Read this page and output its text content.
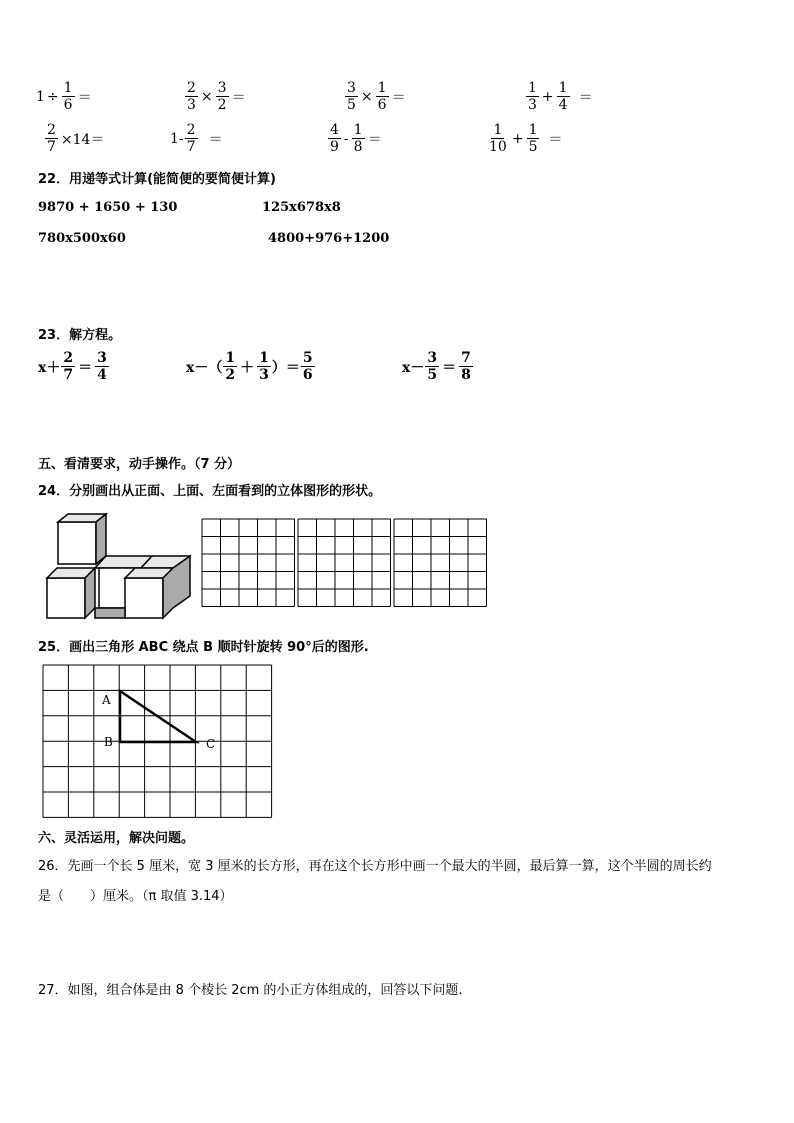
$1 \div \frac{1}{6}$ ＝	$\frac{2}{3} \times \frac{3}{2}$ ＝	$\frac{3}{5} \times \frac{1}{6}$ ＝	$\frac{1}{3} + \frac{1}{4}$ ＝
$\frac{2}{7} \times 14=$	$1- \frac{2}{7}$ ＝	$\frac{4}{9} - \frac{1}{8}$ ＝	$\frac{1}{10} + \frac{1}{5}$ ＝
22．用递等式计算(能简便的要简便计算)
9870 + 1650 + 130	125x678x8
780x500x60	4800+976+1200
23．解方程。
$x+ \frac{2}{7} = \frac{3}{4}$	$x-( \frac{1}{2} + \frac{1}{3}$ ）＝ $\frac{5}{6}$	$x- \frac{3}{5} = \frac{7}{8}$
五、看清要求，动手操作。（7 分）
24．分别画出从正面、上面、左面看到的立体图形的形状。
25．画出三角形 ABC 绕点 B 顺时针旋转 90°后的图形.
A
B	C
六、灵活运用，解决问题。
26．先画一个长 5 厘米，宽 3 厘米的长方形，再在这个长方形中画一个最大的半圆，最后算一算，这个半圆的周长约
是（　　）厘米。（π 取值 3.14）
27．如图，组合体是由 8 个棱长 2cm 的小正方体组成的，回答以下问题.
